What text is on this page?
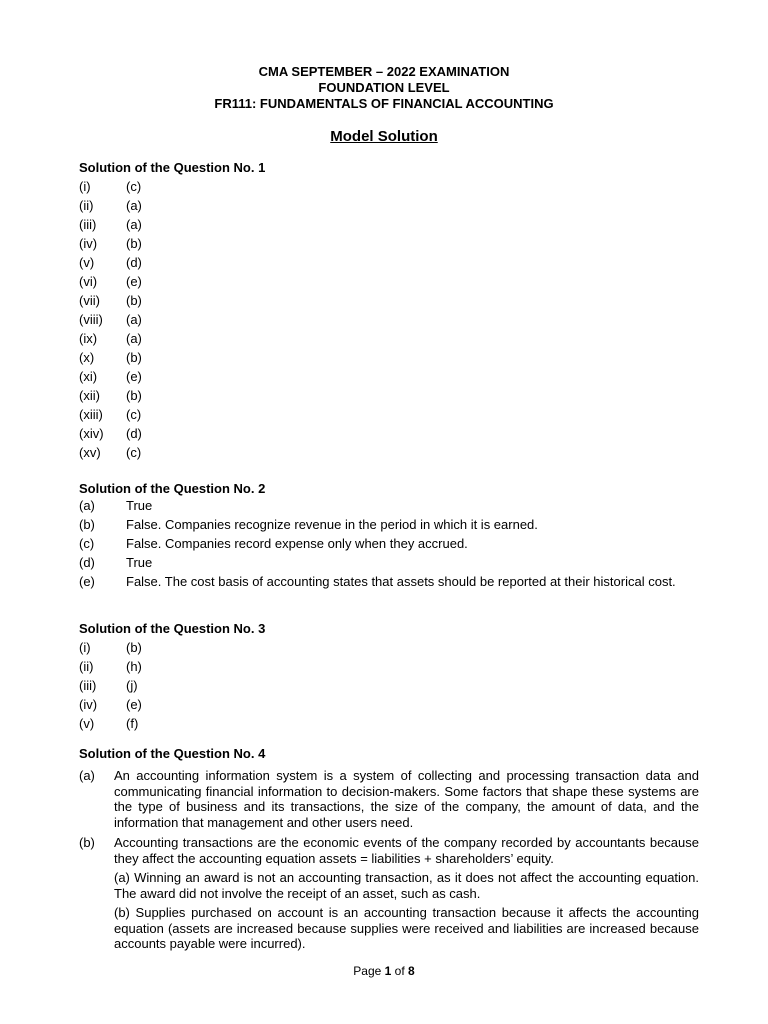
CMA SEPTEMBER – 2022 EXAMINATION
FOUNDATION LEVEL
FR111: FUNDAMENTALS OF FINANCIAL ACCOUNTING
Model Solution
Solution of the Question No. 1
(i)	(c)
(ii)	(a)
(iii) (a)
(iv) (b)
(v) (d)
(vi) (e)
(vii) (b)
(viii) (a)
(ix) (a)
(x) (b)
(xi) (e)
(xii) (b)
(xiii) (c)
(xiv) (d)
(xv) (c)
Solution of the Question No. 2
(a) True
(b) False. Companies recognize revenue in the period in which it is earned.
(c) False. Companies record expense only when they accrued.
(d) True
(e) False. The cost basis of accounting states that assets should be reported at their historical cost.
Solution of the Question No. 3
(i)	(b)
(ii)	(h)
(iii) (j)
(iv) (e)
(v) (f)
Solution of the Question No. 4
(a) An accounting information system is a system of collecting and processing transaction data and communicating financial information to decision-makers. Some factors that shape these systems are the type of business and its transactions, the size of the company, the amount of data, and the information that management and other users need.
(b) Accounting transactions are the economic events of the company recorded by accountants because they affect the accounting equation assets = liabilities + shareholders’ equity.
(a) Winning an award is not an accounting transaction, as it does not affect the accounting equation. The award did not involve the receipt of an asset, such as cash.
(b) Supplies purchased on account is an accounting transaction because it affects the accounting equation (assets are increased because supplies were received and liabilities are increased because accounts payable were incurred).
Page 1 of 8
